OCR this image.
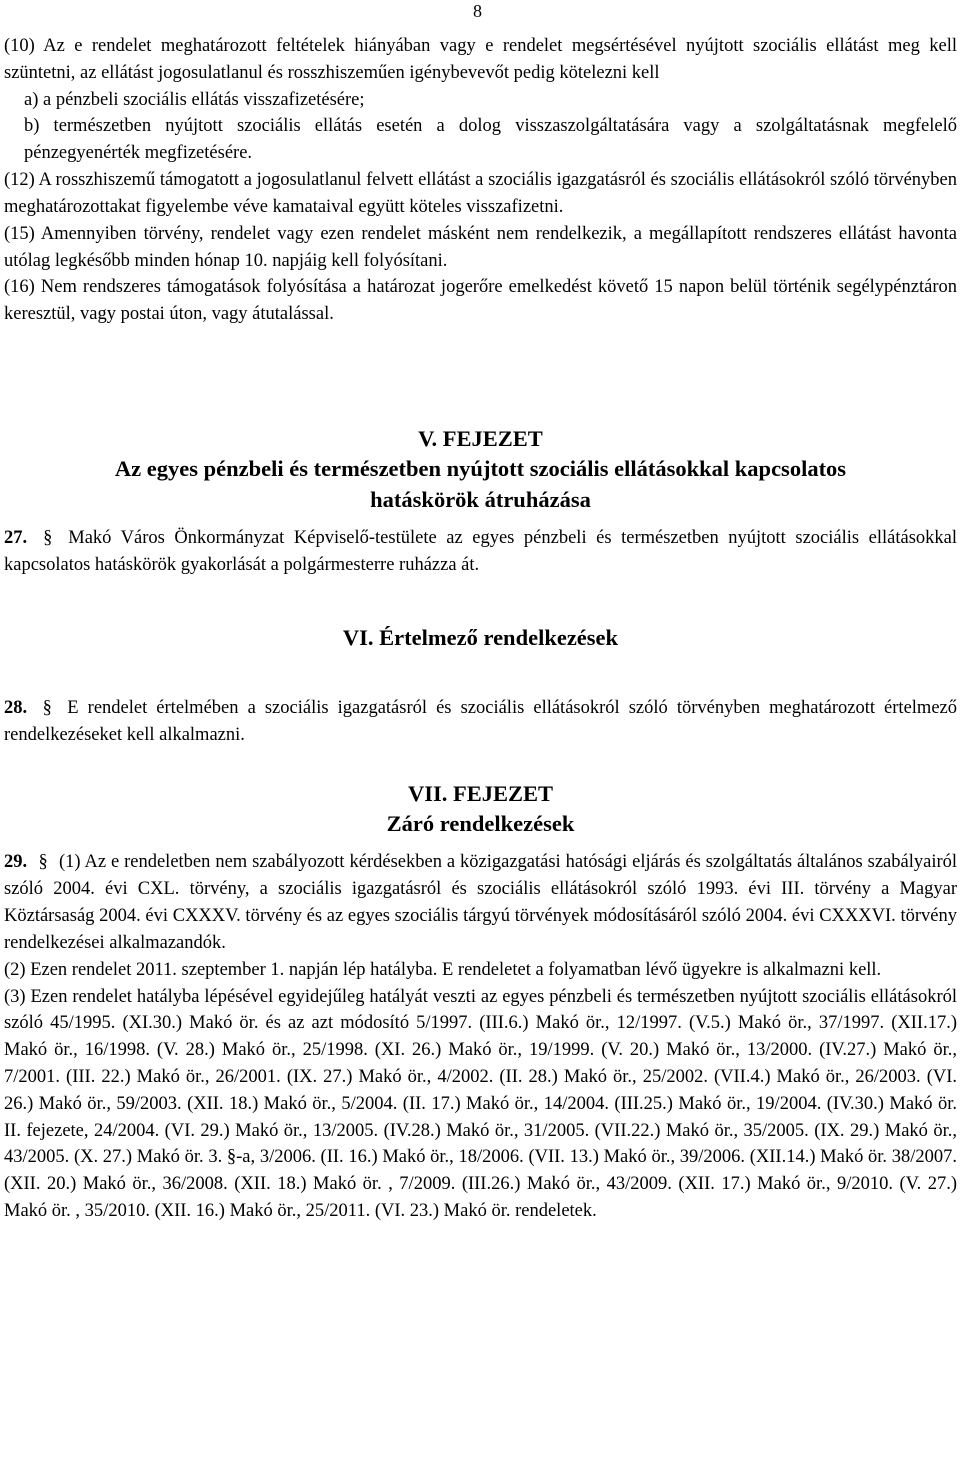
8

(10) Az e rendelet meghatározott feltételek hiányában vagy e rendelet megsértésével nyújtott szociális ellátást meg kell szüntetni, az ellátást jogosulatlanul és rosszhiszeműen igénybevevőt pedig kötelezni kell

a) a pénzbeli szociális ellátás visszafizetésére;

b) természetben nyújtott szociális ellátás esetén a dolog visszaszolgáltatására vagy a szolgáltatásnak megfelelő pénzegyenérték megfizetésére.

(12) A rosszhiszemű támogatott a jogosulatlanul felvett ellátást a szociális igazgatásról és szociális ellátásokról szóló törvényben meghatározottakat figyelembe véve kamataival együtt köteles visszafizetni.

(15) Amennyiben törvény, rendelet vagy ezen rendelet másként nem rendelkezik, a megállapított rendszeres ellátást havonta utólag legkésőbb minden hónap 10. napjáig kell folyósítani.

(16) Nem rendszeres támogatások folyósítása a határozat jogerőre emelkedést követő 15 napon belül történik segélypénztáron keresztül, vagy postai úton, vagy átutalással.

V. FEJEZET

Az egyes pénzbeli és természetben nyújtott szociális ellátásokkal kapcsolatos

hatáskörök átruházása

27. § Makó Város Önkormányzat Képviselő-testülete az egyes pénzbeli és természetben nyújtott szociális ellátásokkal kapcsolatos hatáskörök gyakorlását a polgármesterre ruházza át.

VI. Értelmező rendelkezések

28. § E rendelet értelmében a szociális igazgatásról és szociális ellátásokról szóló törvényben meghatározott értelmező rendelkezéseket kell alkalmazni.

VII. FEJEZET

Záró rendelkezések

29. § (1) Az e rendeletben nem szabályozott kérdésekben a közigazgatási hatósági eljárás és szolgáltatás általános szabályairól szóló 2004. évi CXL. törvény, a szociális igazgatásról és szociális ellátásokról szóló 1993. évi III. törvény a Magyar Köztársaság 2004. évi CXXXV. törvény és az egyes szociális tárgyú törvények módosításáról szóló 2004. évi CXXXVI. törvény rendelkezései alkalmazandók.

(2) Ezen rendelet 2011. szeptember 1. napján lép hatályba. E rendeletet a folyamatban lévő ügyekre is alkalmazni kell.

(3) Ezen rendelet hatályba lépésével egyidejűleg hatályát veszti az egyes pénzbeli és természetben nyújtott szociális ellátásokról szóló 45/1995. (XI.30.) Makó ör. és az azt módosító 5/1997. (III.6.) Makó ör., 12/1997. (V.5.) Makó ör., 37/1997. (XII.17.) Makó ör., 16/1998. (V. 28.) Makó ör., 25/1998. (XI. 26.) Makó ör., 19/1999. (V. 20.) Makó ör., 13/2000. (IV.27.) Makó ör., 7/2001. (III. 22.) Makó ör., 26/2001. (IX. 27.) Makó ör., 4/2002. (II. 28.) Makó ör., 25/2002. (VII.4.) Makó ör., 26/2003. (VI. 26.) Makó ör., 59/2003. (XII. 18.) Makó ör., 5/2004. (II. 17.) Makó ör., 14/2004. (III.25.) Makó ör., 19/2004. (IV.30.) Makó ör. II. fejezete, 24/2004. (VI. 29.) Makó ör., 13/2005. (IV.28.) Makó ör., 31/2005. (VII.22.) Makó ör., 35/2005. (IX. 29.) Makó ör., 43/2005. (X. 27.) Makó ör. 3. §-a, 3/2006. (II. 16.) Makó ör., 18/2006. (VII. 13.) Makó ör., 39/2006. (XII.14.) Makó ör. 38/2007. (XII. 20.) Makó ör., 36/2008. (XII. 18.) Makó ör. , 7/2009. (III.26.) Makó ör., 43/2009. (XII. 17.) Makó ör., 9/2010. (V. 27.) Makó ör. , 35/2010. (XII. 16.) Makó ör., 25/2011. (VI. 23.) Makó ör. rendeletek.
